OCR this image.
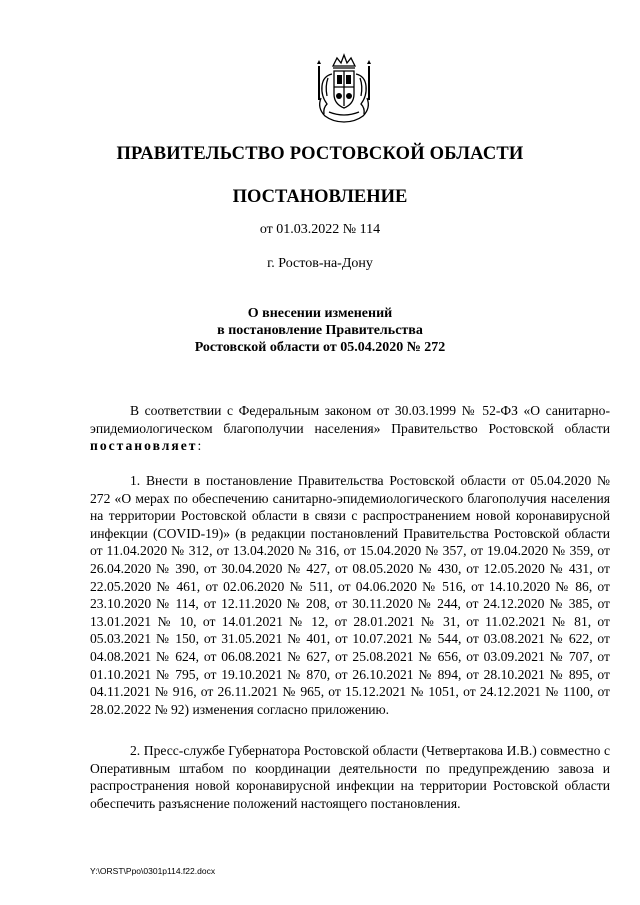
ПРАВИТЕЛЬСТВО РОСТОВСКОЙ ОБЛАСТИ
ПОСТАНОВЛЕНИЕ
от 01.03.2022 № 114
г. Ростов-на-Дону
О внесении изменений
в постановление Правительства
Ростовской области от 05.04.2020 № 272

В соответствии с Федеральным законом от 30.03.1999 № 52-ФЗ «О санитарно-эпидемиологическом благополучии населения» Правительство Ростовской области постановляет:

1. Внести в постановление Правительства Ростовской области от 05.04.2020 № 272 «О мерах по обеспечению санитарно-эпидемиологического благополучия населения на территории Ростовской области в связи с распространением новой коронавирусной инфекции (COVID-19)» (в редакции постановлений Правительства Ростовской области от 11.04.2020 № 312, от 13.04.2020 № 316, от 15.04.2020 № 357, от 19.04.2020 № 359, от 26.04.2020 № 390, от 30.04.2020 № 427, от 08.05.2020 № 430, от 12.05.2020 № 431, от 22.05.2020 № 461, от 02.06.2020 № 511, от 04.06.2020 № 516, от 14.10.2020 № 86, от 23.10.2020 № 114, от 12.11.2020 № 208, от 30.11.2020 № 244, от 24.12.2020 № 385, от 13.01.2021 № 10, от 14.01.2021 № 12, от 28.01.2021 № 31, от 11.02.2021 № 81, от 05.03.2021 № 150, от 31.05.2021 № 401, от 10.07.2021 № 544, от 03.08.2021 № 622, от 04.08.2021 № 624, от 06.08.2021 № 627, от 25.08.2021 № 656, от 03.09.2021 № 707, от 01.10.2021 № 795, от 19.10.2021 № 870, от 26.10.2021 № 894, от 28.10.2021 № 895, от 04.11.2021 № 916, от 26.11.2021 № 965, от 15.12.2021 № 1051, от 24.12.2021 № 1100, от 28.02.2022 № 92) изменения согласно приложению.

2. Пресс-службе Губернатора Ростовской области (Четвертакова И.В.) совместно с Оперативным штабом по координации деятельности по предупреждению завоза и распространения новой коронавирусной инфекции на территории Ростовской области обеспечить разъяснение положений настоящего постановления.

Y:\ORST\Ppo\0301p114.f22.docx
